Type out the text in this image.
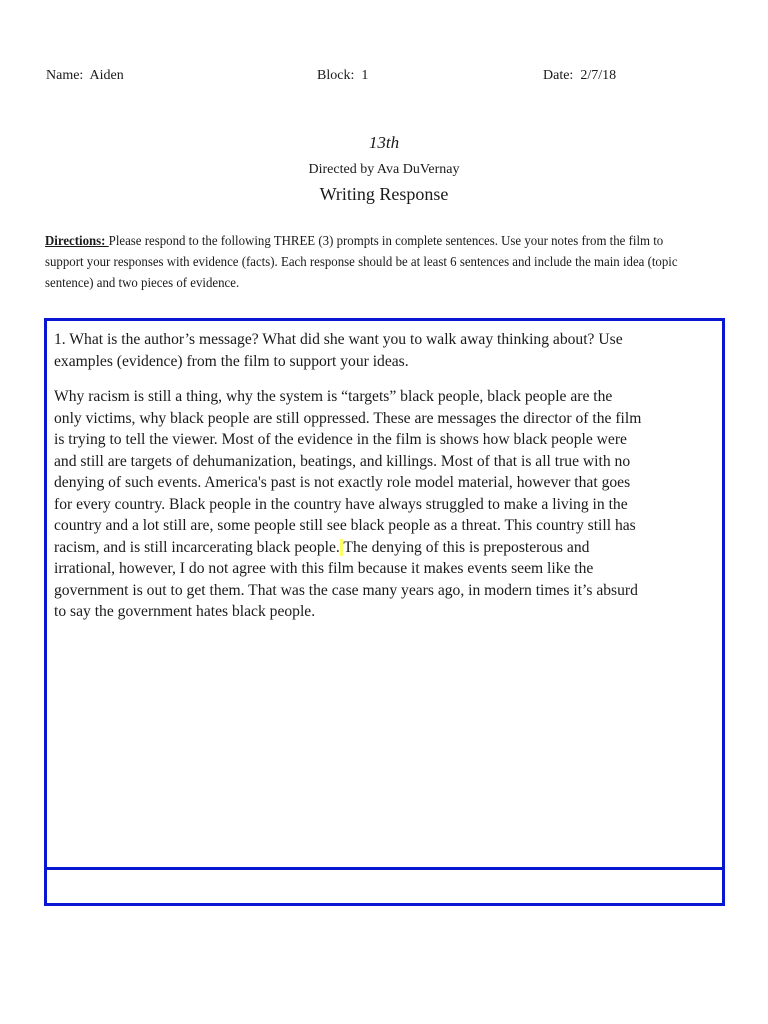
Name:  Aiden	Block:  1	Date:  2/7/18
13th
Directed by Ava DuVernay
Writing Response
Directions: Please respond to the following THREE (3) prompts in complete sentences. Use your notes from the film to support your responses with evidence (facts). Each response should be at least 6 sentences and include the main idea (topic sentence) and two pieces of evidence.

1. What is the author’s message? What did she want you to walk away thinking about? Use
examples (evidence) from the film to support your ideas.

Why racism is still a thing, why the system is “targets” black people, black people are the
only victims, why black people are still oppressed. These are messages the director of the film
is trying to tell the viewer. Most of the evidence in the film is shows how black people were
and still are targets of dehumanization, beatings, and killings. Most of that is all true with no
denying of such events. America's past is not exactly role model material, however that goes
for every country. Black people in the country have always struggled to make a living in the
country and a lot still are, some people still see black people as a threat. This country still has
racism, and is still incarcerating black people. The denying of this is preposterous and
irrational, however, I do not agree with this film because it makes events seem like the
government is out to get them. That was the case many years ago, in modern times it’s absurd
to say the government hates black people.
